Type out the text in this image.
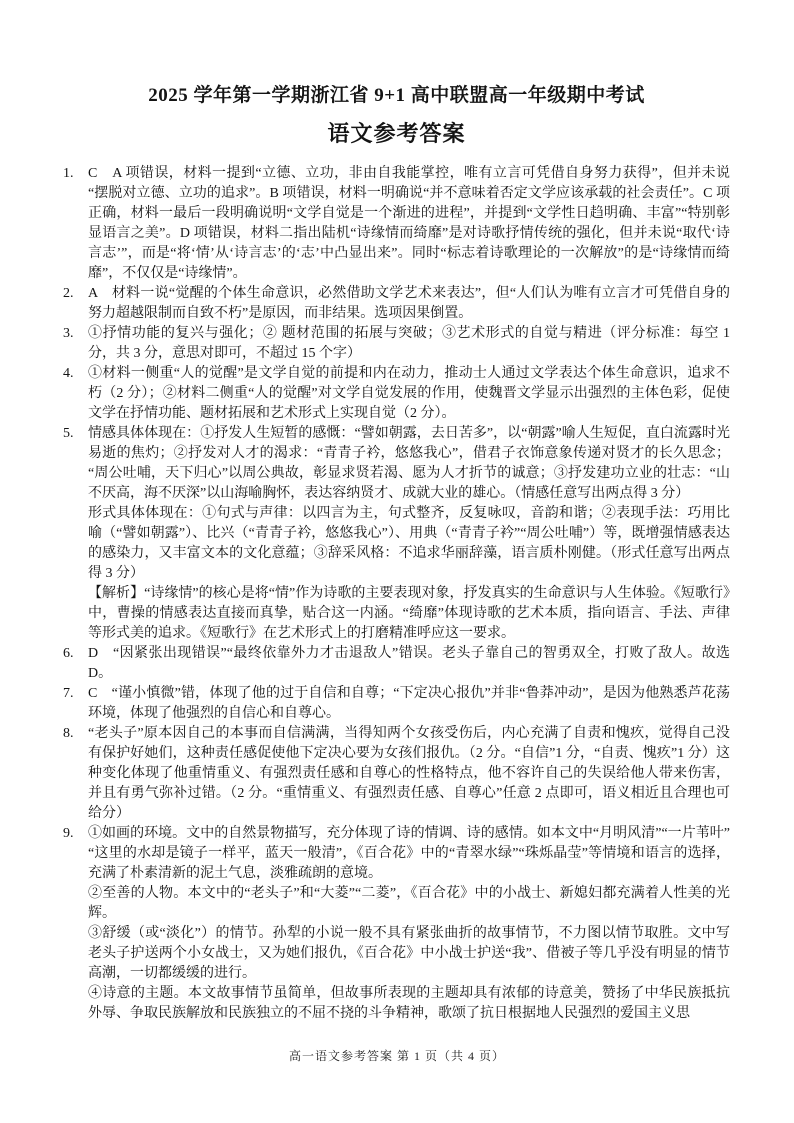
2025 学年第一学期浙江省 9+1 高中联盟高一年级期中考试
语文参考答案
1. C　A 项错误，材料一提到“立德、立功，非由自我能掌控，唯有立言可凭借自身努力获得”，但并未说“摆脱对立德、立功的追求”。B 项错误，材料一明确说“并不意味着否定文学应该承载的社会责任”。C 项正确，材料一最后一段明确说明“文学自觉是一个渐进的进程”，并提到“文学性日趋明确、丰富”“特别彰显语言之美”。D 项错误，材料二指出陆机“诗缘情而绮靡”是对诗歌抒情传统的强化，但并未说“取代‘诗言志’”，而是“将‘情’从‘诗言志’的‘志’中凸显出来”。同时“标志着诗歌理论的一次解放”的是“诗缘情而绮靡”，不仅仅是“诗缘情”。

2. A　材料一说“觉醒的个体生命意识，必然借助文学艺术来表达”，但“人们认为唯有立言才可凭借自身的努力超越限制而自致不朽”是原因，而非结果。选项因果倒置。

3. ①抒情功能的复兴与强化；② 题材范围的拓展与突破；③艺术形式的自觉与精进（评分标准：每空 1 分，共 3 分，意思对即可，不超过 15 个字）

4. ①材料一侧重“人的觉醒”是文学自觉的前提和内在动力，推动士人通过文学表达个体生命意识，追求不朽（2 分）；②材料二侧重“人的觉醒”对文学自觉发展的作用，使魏晋文学显示出强烈的主体色彩，促使文学在抒情功能、题材拓展和艺术形式上实现自觉（2 分）。

5. 情感具体体现在：①抒发人生短暂的感慨：“譬如朝露，去日苦多”，以“朝露”喻人生短促，直白流露时光易逝的焦灼；②抒发对人才的渴求：“青青子衿，悠悠我心”，借君子衣饰意象传递对贤才的长久思念；“周公吐哺，天下归心”以周公典故，彰显求贤若渴、愿为人才折节的诚意；③抒发建功立业的壮志：“山不厌高，海不厌深”以山海喻胸怀，表达容纳贤才、成就大业的雄心。（情感任意写出两点得 3 分）

形式具体体现在：①句式与声律：以四言为主，句式整齐，反复咏叹，音韵和谐；②表现手法：巧用比喻（“譬如朝露”）、比兴（“青青子衿，悠悠我心”）、用典（“青青子衿”“周公吐哺”）等，既增强情感表达的感染力，又丰富文本的文化意蕴；③辞采风格：不追求华丽辞藻，语言质朴刚健。（形式任意写出两点得 3 分）

【解析】“诗缘情”的核心是将“情”作为诗歌的主要表现对象，抒发真实的生命意识与人生体验。《短歌行》中，曹操的情感表达直接而真挚，贴合这一内涵。“绮靡”体现诗歌的艺术本质，指向语言、手法、声律等形式美的追求。《短歌行》在艺术形式上的打磨精准呼应这一要求。

6. D　“因紧张出现错误”“最终依靠外力才击退敌人”错误。老头子靠自己的智勇双全，打败了敌人。故选 D。

7. C　“谨小慎微”错，体现了他的过于自信和自尊；“下定决心报仇”并非“鲁莽冲动”，是因为他熟悉芦花荡环境，体现了他强烈的自信心和自尊心。

8. “老头子”原本因自己的本事而自信满满，当得知两个女孩受伤后，内心充满了自责和愧疚，觉得自己没有保护好她们，这种责任感促使他下定决心要为女孩们报仇。（2 分。“自信”1 分，“自责、愧疚”1 分）这种变化体现了他重情重义、有强烈责任感和自尊心的性格特点，他不容许自己的失误给他人带来伤害，并且有勇气弥补过错。（2 分。“重情重义、有强烈责任感、自尊心”任意 2 点即可，语义相近且合理也可给分）

9. ①如画的环境。文中的自然景物描写，充分体现了诗的情调、诗的感情。如本文中“月明风清”“一片苇叶”“这里的水却是镜子一样平，蓝天一般清”，《百合花》中的“青翠水绿”“珠烁晶莹”等情境和语言的选择，充满了朴素清新的泥土气息，淡雅疏朗的意境。

②至善的人物。本文中的“老头子”和“大菱”“二菱”，《百合花》中的小战士、新媳妇都充满着人性美的光辉。

③舒缓（或“淡化”）的情节。孙犁的小说一般不具有紧张曲折的故事情节，不力图以情节取胜。文中写老头子护送两个小女战士，又为她们报仇，《百合花》中小战士护送“我”、借被子等几乎没有明显的情节高潮，一切都缓缓的进行。

④诗意的主题。本文故事情节虽简单，但故事所表现的主题却具有浓郁的诗意美，赞扬了中华民族抵抗外辱、争取民族解放和民族独立的不屈不挠的斗争精神，歌颂了抗日根据地人民强烈的爱国主义思

高一语文参考答案 第 1 页（共 4 页）
